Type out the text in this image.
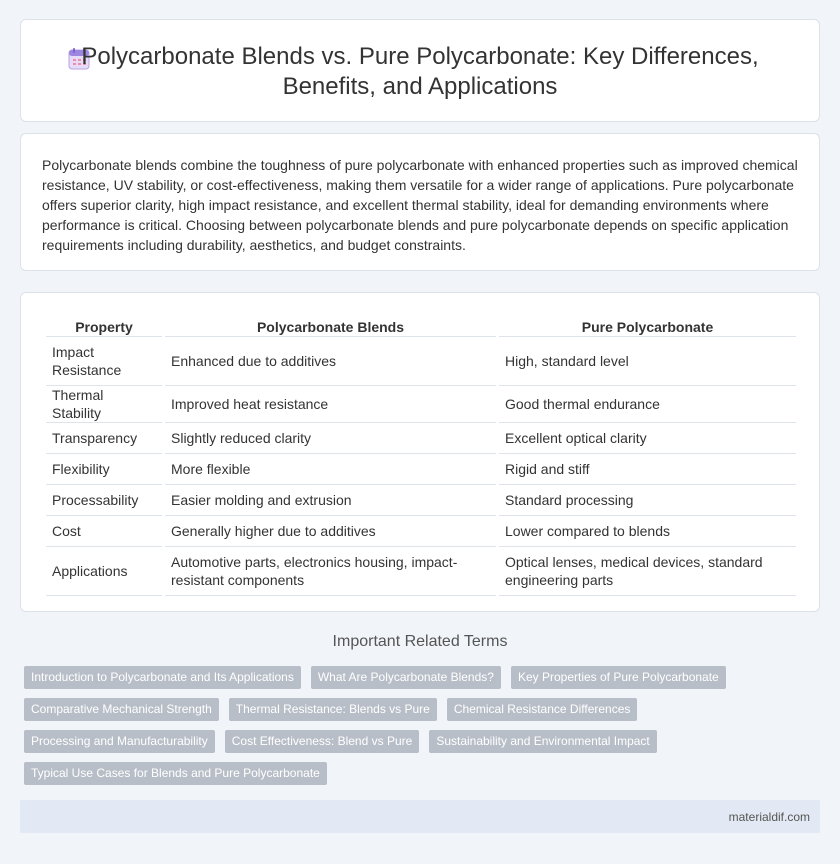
Polycarbonate Blends vs. Pure Polycarbonate: Key Differences,
Benefits, and Applications

Polycarbonate blends combine the toughness of pure polycarbonate with enhanced properties such as improved chemical resistance, UV stability, or cost-effectiveness, making them versatile for a wider range of applications. Pure polycarbonate offers superior clarity, high impact resistance, and excellent thermal stability, ideal for demanding environments where performance is critical. Choosing between polycarbonate blends and pure polycarbonate depends on specific application requirements including durability, aesthetics, and budget constraints.

Property	Polycarbonate Blends	Pure Polycarbonate
Impact Resistance	Enhanced due to additives	High, standard level
Thermal Stability	Improved heat resistance	Good thermal endurance
Transparency	Slightly reduced clarity	Excellent optical clarity
Flexibility	More flexible	Rigid and stiff
Processability	Easier molding and extrusion	Standard processing
Cost	Generally higher due to additives	Lower compared to blends
Applications	Automotive parts, electronics housing, impact-resistant components	Optical lenses, medical devices, standard engineering parts
Important Related Terms
Introduction to Polycarbonate and Its Applications	What Are Polycarbonate Blends?	Key Properties of Pure Polycarbonate
Comparative Mechanical Strength	Thermal Resistance: Blends vs Pure	Chemical Resistance Differences
Processing and Manufacturability	Cost Effectiveness: Blend vs Pure	Sustainability and Environmental Impact
Typical Use Cases for Blends and Pure Polycarbonate
materialdif.com
